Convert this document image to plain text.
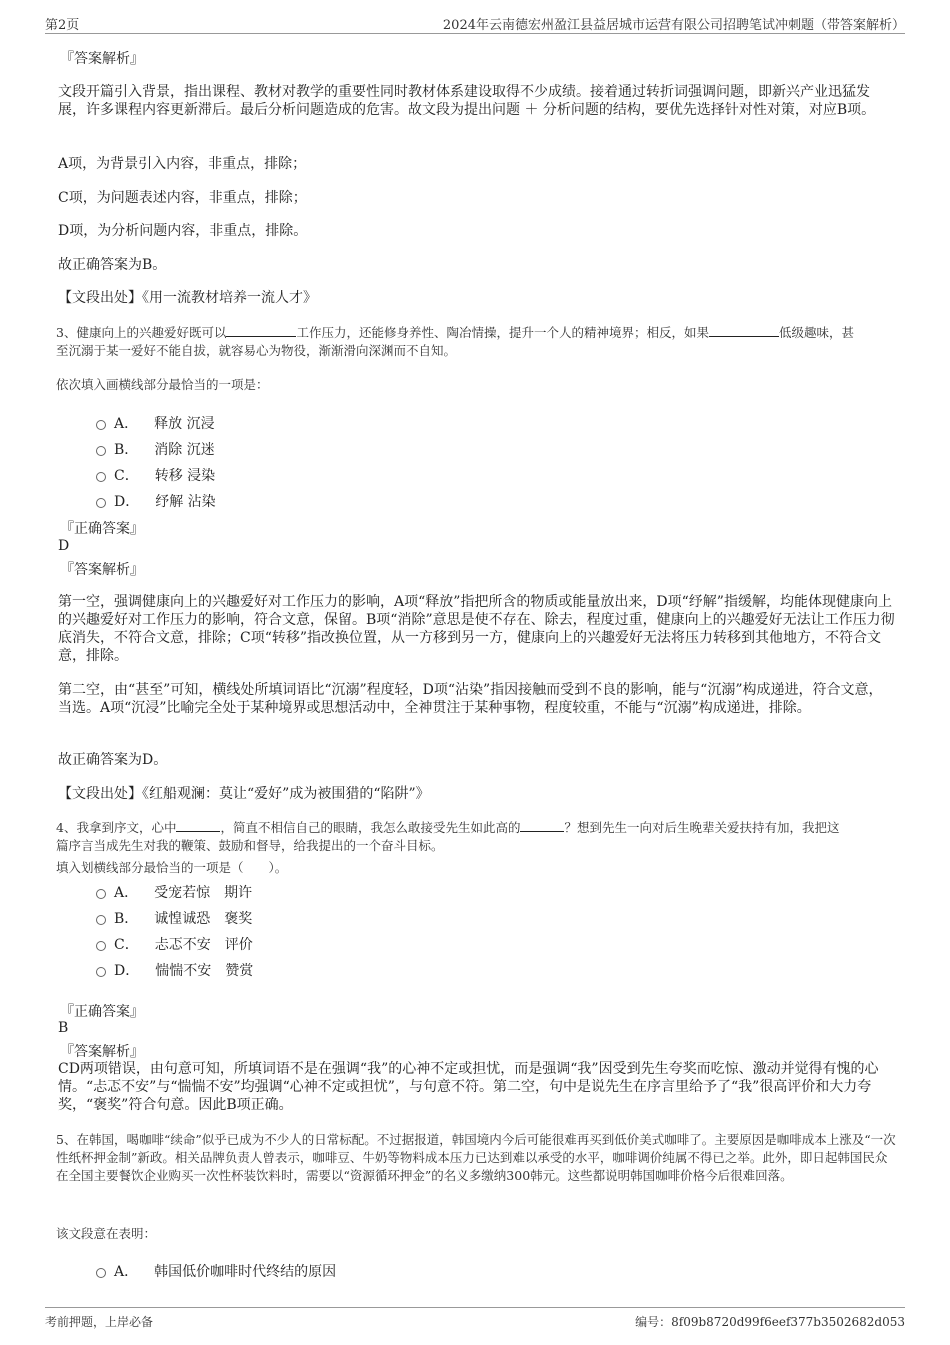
第2页	2024年云南德宏州盈江县益居城市运营有限公司招聘笔试冲刺题（带答案解析）
『答案解析』
文段开篇引入背景，指出课程、教材对教学的重要性同时教材体系建设取得不少成绩。接着通过转折词强调问题，即新兴产业迅猛发展，许多课程内容更新滞后。最后分析问题造成的危害。故文段为提出问题 ＋ 分析问题的结构，要优先选择针对性对策，对应B项。
A项，为背景引入内容，非重点，排除；
C项，为问题表述内容，非重点，排除；
D项，为分析问题内容，非重点，排除。
故正确答案为B。
【文段出处】《用一流教材培养一流人才》
3、健康向上的兴趣爱好既可以	工作压力，还能修身养性、陶冶情操，提升一个人的精神境界；相反，如果	低级趣味，甚
至沉溺于某一爱好不能自拔，就容易心为物役，渐渐滑向深渊而不自知。
依次填入画横线部分最恰当的一项是：
A． 释放 沉浸
B． 消除 沉迷
C． 转移 浸染
D． 纾解 沾染
『正确答案』
D
『答案解析』
第一空，强调健康向上的兴趣爱好对工作压力的影响，A项“释放”指把所含的物质或能量放出来，D项“纾解”指缓解，均能体现健康向上的兴趣爱好对工作压力的影响，符合文意，保留。B项“消除”意思是使不存在、除去，程度过重，健康向上的兴趣爱好无法让工作压力彻底消失，不符合文意，排除；C项“转移”指改换位置，从一方移到另一方，健康向上的兴趣爱好无法将压力转移到其他地方，不符合文意，排除。
第二空，由“甚至”可知，横线处所填词语比“沉溺”程度轻，D项“沾染”指因接触而受到不良的影响，能与“沉溺”构成递进，符合文意，当选。A项“沉浸”比喻完全处于某种境界或思想活动中，全神贯注于某种事物，程度较重，不能与“沉溺”构成递进，排除。
故正确答案为D。
【文段出处】《红船观澜：莫让“爱好”成为被围猎的“陷阱”》
4、我拿到序文，心中	，简直不相信自己的眼睛，我怎么敢接受先生如此高的	？想到先生一向对后生晚辈关爱扶持有加，我把这
篇序言当成先生对我的鞭策、鼓励和督导，给我提出的一个奋斗目标。
填入划横线部分最恰当的一项是（　　）。
A． 受宠若惊　期许
B． 诚惶诚恐　褒奖
C． 忐忑不安　评价
D． 惴惴不安　赞赏
『正确答案』
B
『答案解析』
CD两项错误，由句意可知，所填词语不是在强调“我”的心神不定或担忧，而是强调“我”因受到先生夸奖而吃惊、激动并觉得有愧的心情。“忐忑不安”与“惴惴不安”均强调“心神不定或担忧”，与句意不符。第二空，句中是说先生在序言里给予了“我”很高评价和大力夸奖，“褒奖”符合句意。因此B项正确。
5、在韩国，喝咖啡“续命”似乎已成为不少人的日常标配。不过据报道，韩国境内今后可能很难再买到低价美式咖啡了。主要原因是咖啡成本上涨及“一次性纸杯押金制”新政。相关品牌负责人曾表示，咖啡豆、牛奶等物料成本压力已达到难以承受的水平，咖啡调价纯属不得已之举。此外，即日起韩国民众在全国主要餐饮企业购买一次性杯装饮料时，需要以“资源循环押金”的名义多缴纳300韩元。这些都说明韩国咖啡价格今后很难回落。
该文段意在表明：
A． 韩国低价咖啡时代终结的原因
考前押题，上岸必备	编号：8f09b8720d99f6eef377b3502682d053
